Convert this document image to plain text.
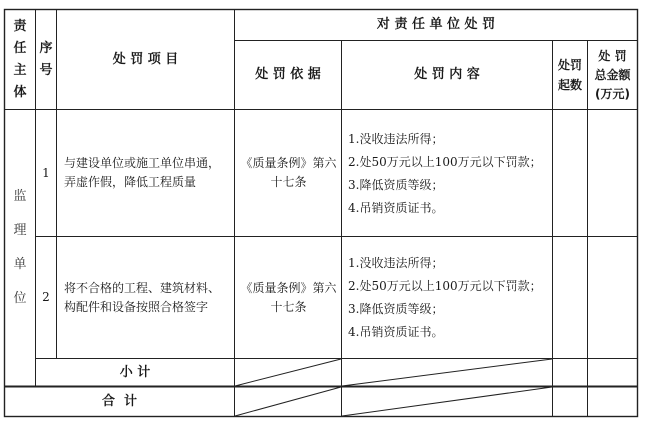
责
任
主
体
序
号
处 罚 项 目
对 责 任 单 位 处 罚
处 罚 依 据	处 罚 内 容
处罚
起数
处 罚
总金额
(万元)
监
理
单
位
1
与建设单位或施工单位串通，弄虚作假，降低工程质量
《质量条例》第六十七条
1.没收违法所得；
2.处50万元以上100万元以下罚款；
3.降低资质等级；
4.吊销资质证书。
2
将不合格的工程、建筑材料、构配件和设备按照合格签字
《质量条例》第六十七条
1.没收违法所得；
2.处50万元以上100万元以下罚款；
3.降低资质等级；
4.吊销资质证书。
小 计
合  计
